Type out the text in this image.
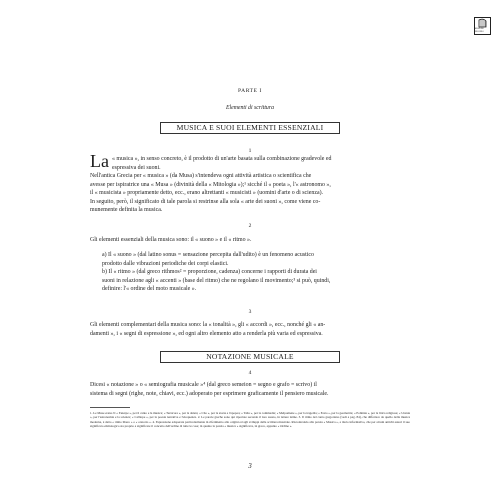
EDIZIONI RICORDI
PARTE I
Elementi di scrittura
MUSICA E SUOI ELEMENTI ESSENZIALI
1
La « musica », in senso concreto, è il prodotto di un'arte basata sulla combinazione gradevole ed
espressiva dei suoni.
Nell'antica Grecia per « musica » (da Musa) s'intendeva ogni attività artistica o scientifica che
avesse per ispiratrice una « Musa » (divinità della « Mitologia »);¹ sicché il « poeta », l'« astronomo »,
il « musicista » propriamente detto, ecc., erano altrettanti « musicisti » (uomini d'arte o di scienza).
In seguito, però, il significato di tale parola si restrinse alla sola « arte dei suoni », come viene co-
munemente definita la musica.
2
Gli elementi essenziali della musica sono: il « suono » e il « ritmo ».
a) Il « suono » (dal latino sonus = sensazione percepita dall'udito) è un fenomeno acustico
prodotto dalle vibrazioni periodiche dei corpi elastici.
b) Il « ritmo » (dal greco rithmos² = proporzione, cadenza) concerne i rapporti di durata dei
suoni in relazione agli « accenti » (base del ritmo) che ne regolano il movimento;³ si può, quindi,
definire: l'« ordine del moto musicale ».
3
Gli elementi complementari della musica sono: la « tonalità », gli « accordi », ecc., nonché gli « an-
damenti », i « segni di espressione », ed ogni altro elemento atto a renderla più varia ed espressiva.
NOTAZIONE MUSICALE
4
Dicesi « notazione » o « semiografia musicale »⁴ (dal greco semeion = segno e grafo = scrivo) il
sistema di segni (righe, note, chiavi, ecc.) adoperato per esprimere graficamente il pensiero musicale.
1. Le Muse erano 9: « Euterpe », per il canto e la musica; « Tersicore », per la danza; « Clio », per la storia e l'epopea; « Talia », per la commedia; « Melpomene », per la tragedia; « Erato », per la geometria; « Polinnia », per la lirica religiosa; « Urania », per l'astronomia e la scienza; « Calliope », per la poesia narrativa e l'eloquenza. 2. Le parole greche sono qui riportate secondo il loro suono, in lettere latine. 3. Il ritmo del canto gregoriano (vedi a pag. 84), che differisce da quello della musica moderna, è detto « ritmo libero » o « oratorio ». 4. Espressione adoperata particolarmente in riferimento allo origini ed agli sviluppi della scrittura musicale. Riscontrando alla parola « Musica », a titolo informativo, che per alcuni antichi autori il suo significato etimologico sta proprio a significare il concetto dell'ordine di tutte le cose; in quanto la parola « musica » significava, in greco, appunto « Ordine ».
3
